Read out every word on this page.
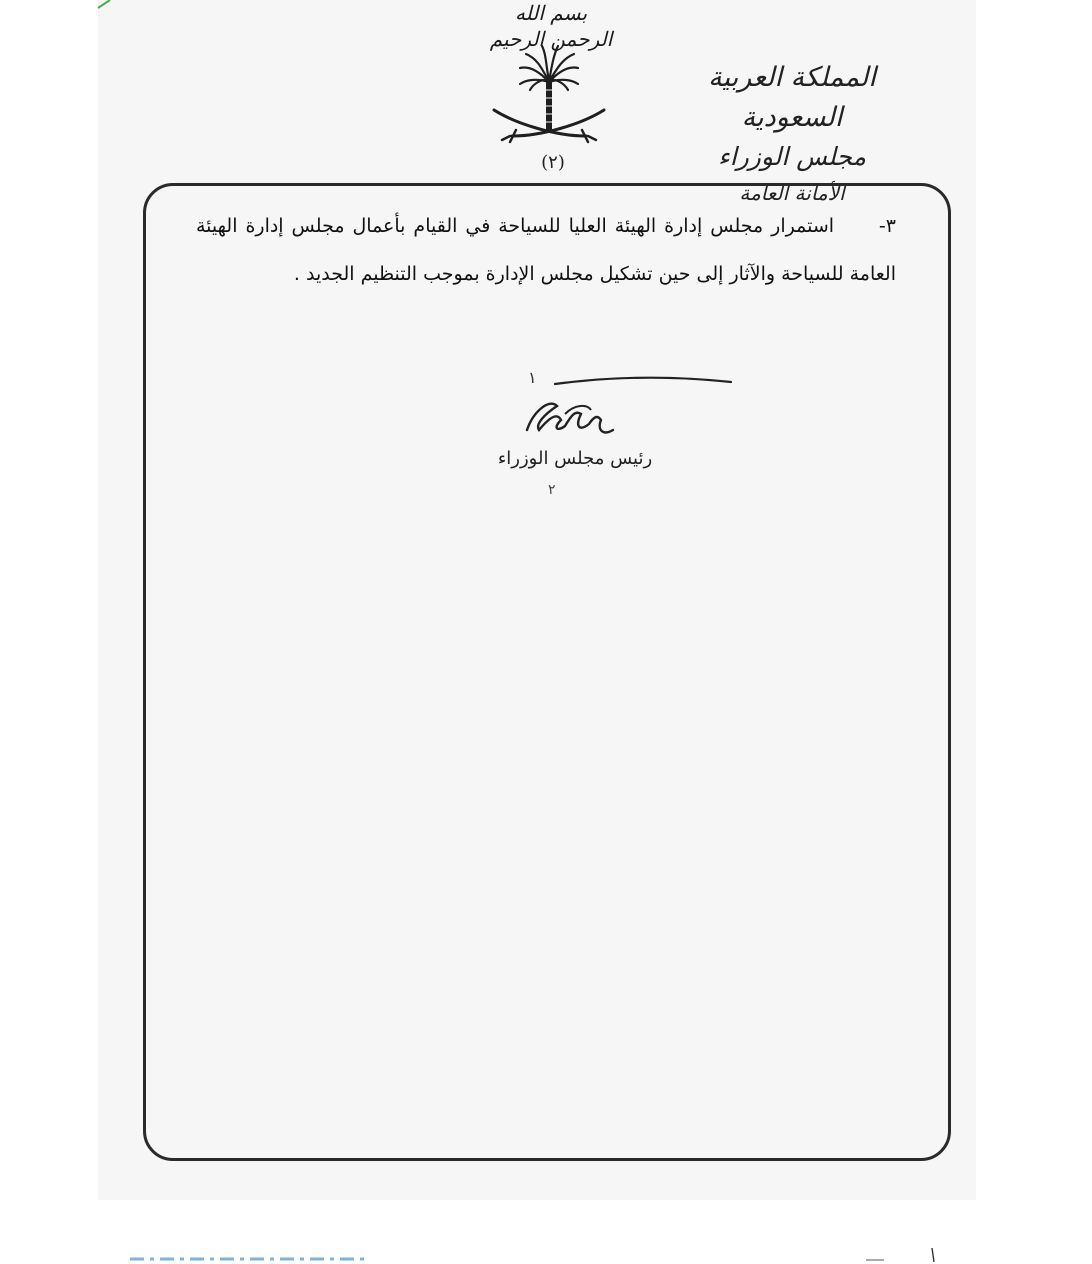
بسم الله الرحمن الرحيم
(٢)
المملكة العربية السعودية
مجلس الوزراء
الأمانة العامة
٣- استمرار مجلس إدارة الهيئة العليا للسياحة في القيام بأعمال مجلس إدارة الهيئة العامة للسياحة والآثار إلى حين تشكيل مجلس الإدارة بموجب التنظيم الجديد .
١
رئيس مجلس الوزراء
٢
